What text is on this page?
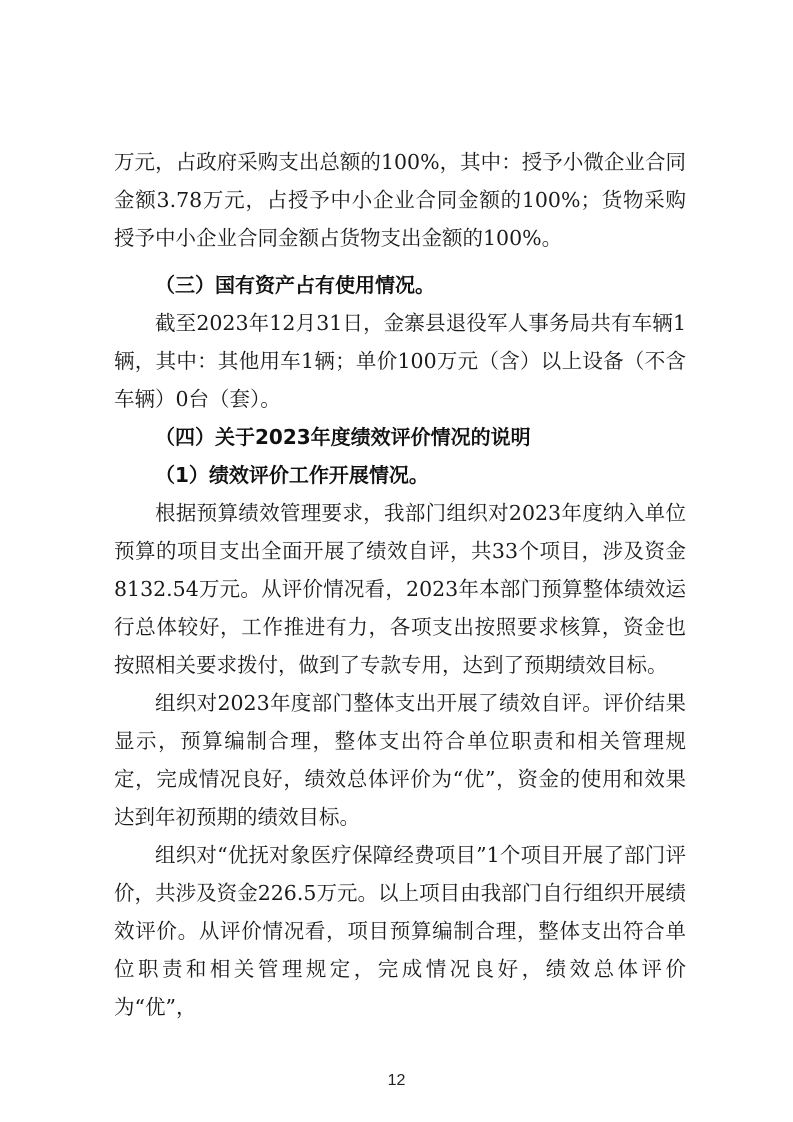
万元，占政府采购支出总额的100%，其中：授予小微企业合同金额3.78万元，占授予中小企业合同金额的100%；货物采购授予中小企业合同金额占货物支出金额的100%。

（三）国有资产占有使用情况。

截至2023年12月31日，金寨县退役军人事务局共有车辆1辆，其中：其他用车1辆；单价100万元（含）以上设备（不含车辆）0台（套）。

（四）关于2023年度绩效评价情况的说明

（1）绩效评价工作开展情况。

根据预算绩效管理要求，我部门组织对2023年度纳入单位预算的项目支出全面开展了绩效自评，共33个项目，涉及资金8132.54万元。从评价情况看，2023年本部门预算整体绩效运行总体较好，工作推进有力，各项支出按照要求核算，资金也按照相关要求拨付，做到了专款专用，达到了预期绩效目标。

组织对2023年度部门整体支出开展了绩效自评。评价结果显示，预算编制合理，整体支出符合单位职责和相关管理规定，完成情况良好，绩效总体评价为“优”，资金的使用和效果达到年初预期的绩效目标。

组织对“优抚对象医疗保障经费项目”1个项目开展了部门评价，共涉及资金226.5万元。以上项目由我部门自行组织开展绩效评价。从评价情况看，项目预算编制合理，整体支出符合单位职责和相关管理规定，完成情况良好，绩效总体评价为“优”，

12
